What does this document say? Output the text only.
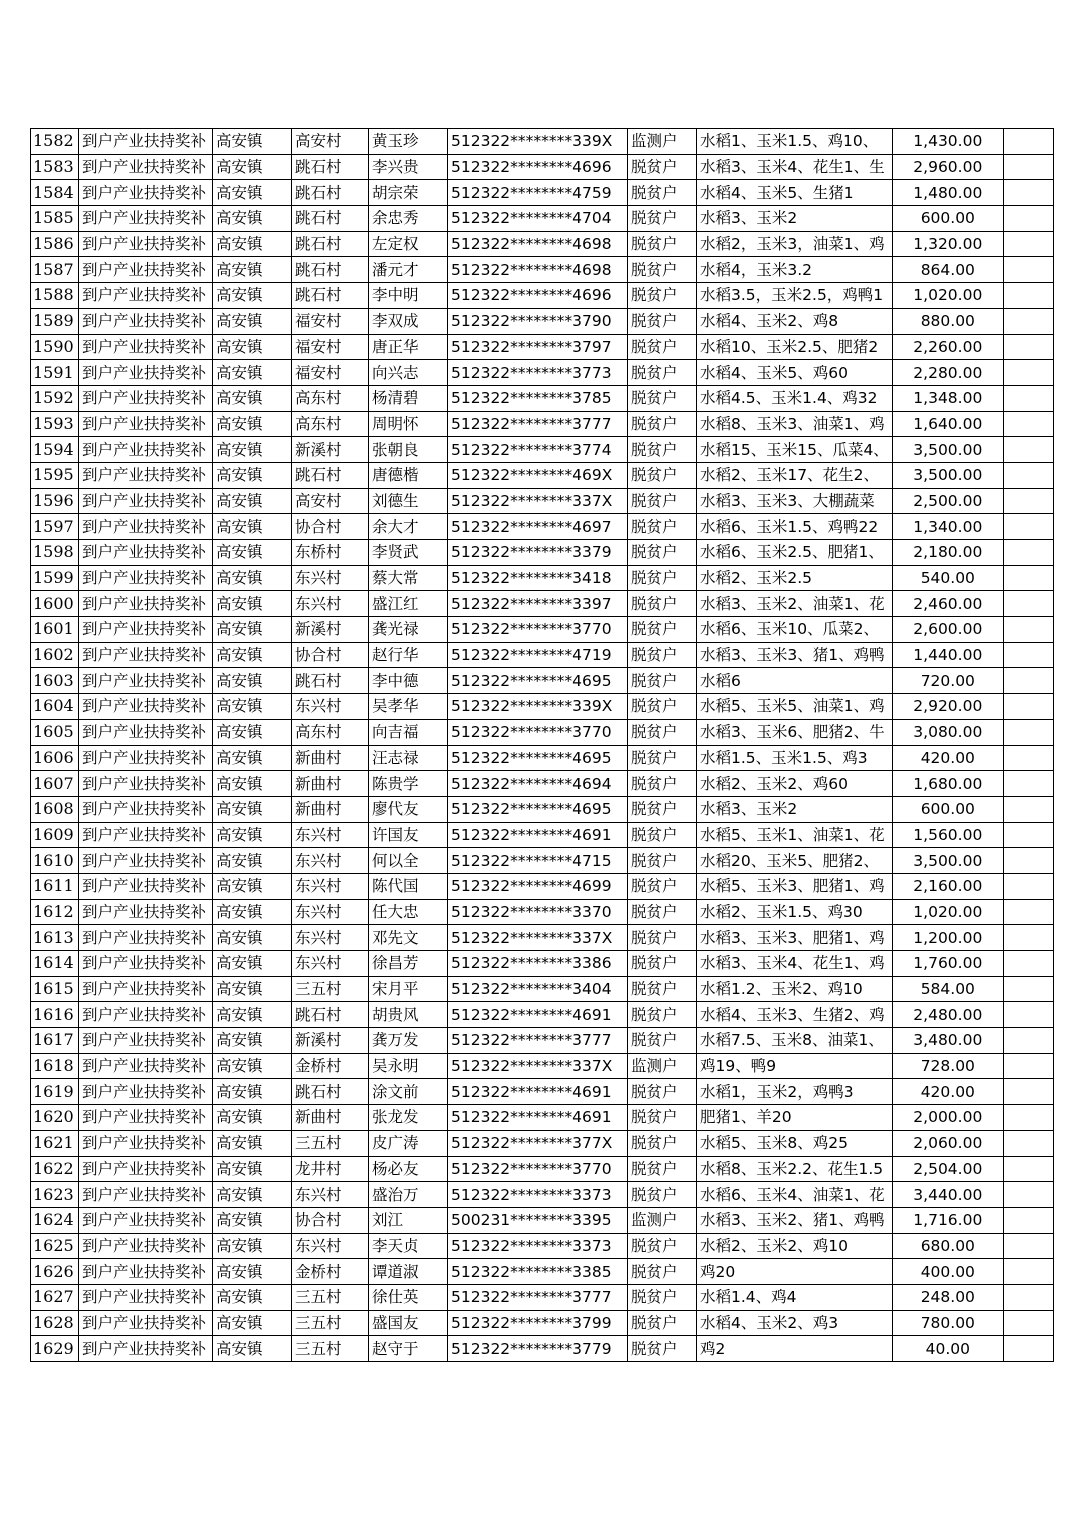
1582	到户产业扶持奖补	高安镇	高安村	黄玉珍	512322********339X	监测户	水稻1、玉米1.5、鸡10、	1,430.00	
1583	到户产业扶持奖补	高安镇	跳石村	李兴贵	512322********4696	脱贫户	水稻3、玉米4、花生1、生	2,960.00	
1584	到户产业扶持奖补	高安镇	跳石村	胡宗荣	512322********4759	脱贫户	水稻4、玉米5、生猪1	1,480.00	
1585	到户产业扶持奖补	高安镇	跳石村	余忠秀	512322********4704	脱贫户	水稻3、玉米2	600.00	
1586	到户产业扶持奖补	高安镇	跳石村	左定权	512322********4698	脱贫户	水稻2，玉米3，油菜1、鸡	1,320.00	
1587	到户产业扶持奖补	高安镇	跳石村	潘元才	512322********4698	脱贫户	水稻4，玉米3.2	864.00	
1588	到户产业扶持奖补	高安镇	跳石村	李中明	512322********4696	脱贫户	水稻3.5，玉米2.5，鸡鸭1	1,020.00	
1589	到户产业扶持奖补	高安镇	福安村	李双成	512322********3790	脱贫户	水稻4、玉米2、鸡8	880.00	
1590	到户产业扶持奖补	高安镇	福安村	唐正华	512322********3797	脱贫户	水稻10、玉米2.5、肥猪2	2,260.00	
1591	到户产业扶持奖补	高安镇	福安村	向兴志	512322********3773	脱贫户	水稻4、玉米5、鸡60	2,280.00	
1592	到户产业扶持奖补	高安镇	高东村	杨清碧	512322********3785	脱贫户	水稻4.5、玉米1.4、鸡32	1,348.00	
1593	到户产业扶持奖补	高安镇	高东村	周明怀	512322********3777	脱贫户	水稻8、玉米3、油菜1、鸡	1,640.00	
1594	到户产业扶持奖补	高安镇	新溪村	张朝良	512322********3774	脱贫户	水稻15、玉米15、瓜菜4、	3,500.00	
1595	到户产业扶持奖补	高安镇	跳石村	唐德楷	512322********469X	脱贫户	水稻2、玉米17、花生2、	3,500.00	
1596	到户产业扶持奖补	高安镇	高安村	刘德生	512322********337X	脱贫户	水稻3、玉米3、大棚蔬菜	2,500.00	
1597	到户产业扶持奖补	高安镇	协合村	余大才	512322********4697	脱贫户	水稻6、玉米1.5、鸡鸭22	1,340.00	
1598	到户产业扶持奖补	高安镇	东桥村	李贤武	512322********3379	脱贫户	水稻6、玉米2.5、肥猪1、	2,180.00	
1599	到户产业扶持奖补	高安镇	东兴村	蔡大常	512322********3418	脱贫户	水稻2、玉米2.5	540.00	
1600	到户产业扶持奖补	高安镇	东兴村	盛江红	512322********3397	脱贫户	水稻3、玉米2、油菜1、花	2,460.00	
1601	到户产业扶持奖补	高安镇	新溪村	龚光禄	512322********3770	脱贫户	水稻6、玉米10、瓜菜2、	2,600.00	
1602	到户产业扶持奖补	高安镇	协合村	赵行华	512322********4719	脱贫户	水稻3、玉米3、猪1、鸡鸭	1,440.00	
1603	到户产业扶持奖补	高安镇	跳石村	李中德	512322********4695	脱贫户	水稻6	720.00	
1604	到户产业扶持奖补	高安镇	东兴村	吴孝华	512322********339X	脱贫户	水稻5、玉米5、油菜1、鸡	2,920.00	
1605	到户产业扶持奖补	高安镇	高东村	向吉福	512322********3770	脱贫户	水稻3、玉米6、肥猪2、牛	3,080.00	
1606	到户产业扶持奖补	高安镇	新曲村	汪志禄	512322********4695	脱贫户	水稻1.5、玉米1.5、鸡3	420.00	
1607	到户产业扶持奖补	高安镇	新曲村	陈贵学	512322********4694	脱贫户	水稻2、玉米2、鸡60	1,680.00	
1608	到户产业扶持奖补	高安镇	新曲村	廖代友	512322********4695	脱贫户	水稻3、玉米2	600.00	
1609	到户产业扶持奖补	高安镇	东兴村	许国友	512322********4691	脱贫户	水稻5、玉米1、油菜1、花	1,560.00	
1610	到户产业扶持奖补	高安镇	东兴村	何以全	512322********4715	脱贫户	水稻20、玉米5、肥猪2、	3,500.00	
1611	到户产业扶持奖补	高安镇	东兴村	陈代国	512322********4699	脱贫户	水稻5、玉米3、肥猪1、鸡	2,160.00	
1612	到户产业扶持奖补	高安镇	东兴村	任大忠	512322********3370	脱贫户	水稻2、玉米1.5、鸡30	1,020.00	
1613	到户产业扶持奖补	高安镇	东兴村	邓先文	512322********337X	脱贫户	水稻3、玉米3、肥猪1、鸡	1,200.00	
1614	到户产业扶持奖补	高安镇	东兴村	徐昌芳	512322********3386	脱贫户	水稻3、玉米4、花生1、鸡	1,760.00	
1615	到户产业扶持奖补	高安镇	三五村	宋月平	512322********3404	脱贫户	水稻1.2、玉米2、鸡10	584.00	
1616	到户产业扶持奖补	高安镇	跳石村	胡贵风	512322********4691	脱贫户	水稻4、玉米3、生猪2、鸡	2,480.00	
1617	到户产业扶持奖补	高安镇	新溪村	龚万发	512322********3777	脱贫户	水稻7.5、玉米8、油菜1、	3,480.00	
1618	到户产业扶持奖补	高安镇	金桥村	吴永明	512322********337X	监测户	鸡19、鸭9	728.00	
1619	到户产业扶持奖补	高安镇	跳石村	涂文前	512322********4691	脱贫户	水稻1，玉米2，鸡鸭3	420.00	
1620	到户产业扶持奖补	高安镇	新曲村	张龙发	512322********4691	脱贫户	肥猪1、羊20	2,000.00	
1621	到户产业扶持奖补	高安镇	三五村	皮广涛	512322********377X	脱贫户	水稻5、玉米8、鸡25	2,060.00	
1622	到户产业扶持奖补	高安镇	龙井村	杨必友	512322********3770	脱贫户	水稻8、玉米2.2、花生1.5	2,504.00	
1623	到户产业扶持奖补	高安镇	东兴村	盛治万	512322********3373	脱贫户	水稻6、玉米4、油菜1、花	3,440.00	
1624	到户产业扶持奖补	高安镇	协合村	刘江	500231********3395	监测户	水稻3、玉米2、猪1、鸡鸭	1,716.00	
1625	到户产业扶持奖补	高安镇	东兴村	李天贞	512322********3373	脱贫户	水稻2、玉米2、鸡10	680.00	
1626	到户产业扶持奖补	高安镇	金桥村	谭道淑	512322********3385	脱贫户	鸡20	400.00	
1627	到户产业扶持奖补	高安镇	三五村	徐仕英	512322********3777	脱贫户	水稻1.4、鸡4	248.00	
1628	到户产业扶持奖补	高安镇	三五村	盛国友	512322********3799	脱贫户	水稻4、玉米2、鸡3	780.00	
1629	到户产业扶持奖补	高安镇	三五村	赵守于	512322********3779	脱贫户	鸡2	40.00	
